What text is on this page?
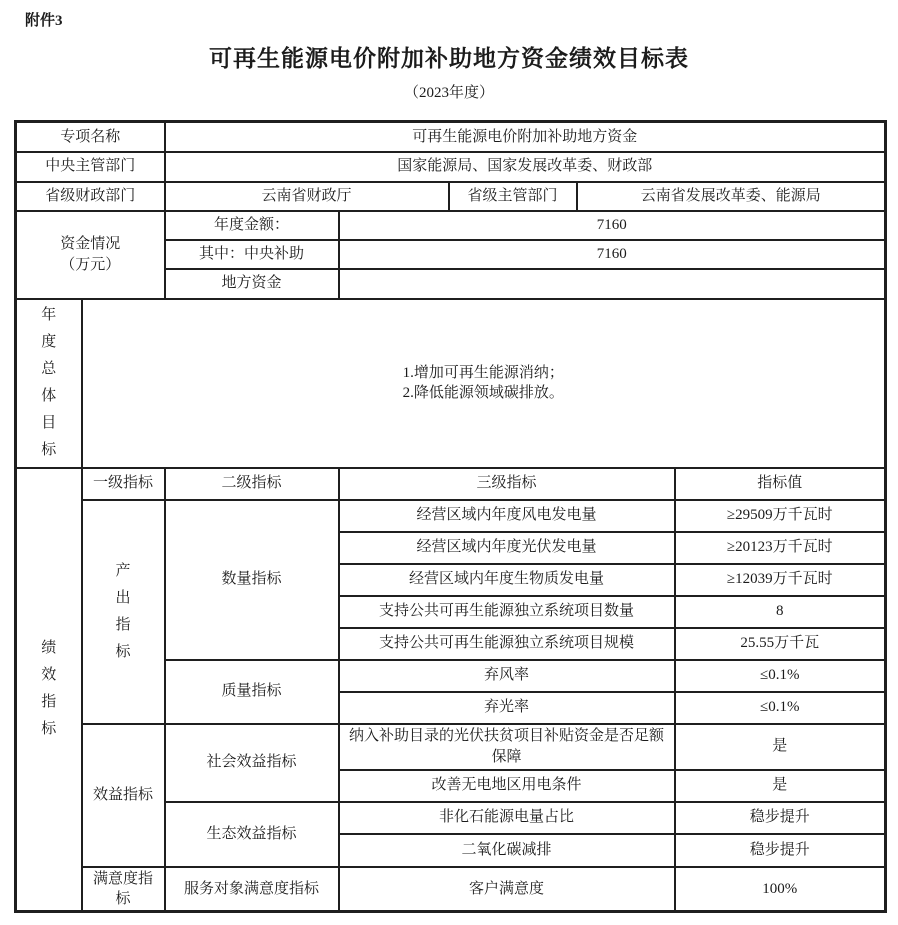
附件3
可再生能源电价附加补助地方资金绩效目标表
（2023年度）
专项名称		可再生能源电价附加补助地方资金				
中央主管部门		国家能源局、国家发展改革委、财政部				
省级财政部门		云南省财政厅		省级主管部门	云南省发展改革委、能源局	

资金情况
（万元）		年度金额：	7160			
		其中：中央补助	7160			
		地方资金				

年度总体目标	1.增加可再生能源消纳；
2.降低能源领域碳排放。					

绩效指标	一级指标	二级指标	三级指标			指标值

	产出指标	数量指标	经营区域内年度风电发电量			≥29509万千瓦时
			经营区域内年度光伏发电量			≥20123万千瓦时
			经营区域内年度生物质发电量			≥12039万千瓦时
			支持公共可再生能源独立系统项目数量			8
			支持公共可再生能源独立系统项目规模			25.55万千瓦
		质量指标	弃风率			≤0.1%
			弃光率			≤0.1%
	效益指标	社会效益指标	纳入补助目录的光伏扶贫项目补贴资金是否足额保障			是
			改善无电地区用电条件			是
		生态效益指标	非化石能源电量占比			稳步提升
			二氧化碳减排			稳步提升
	满意度指标	服务对象满意度指标	客户满意度			100%
